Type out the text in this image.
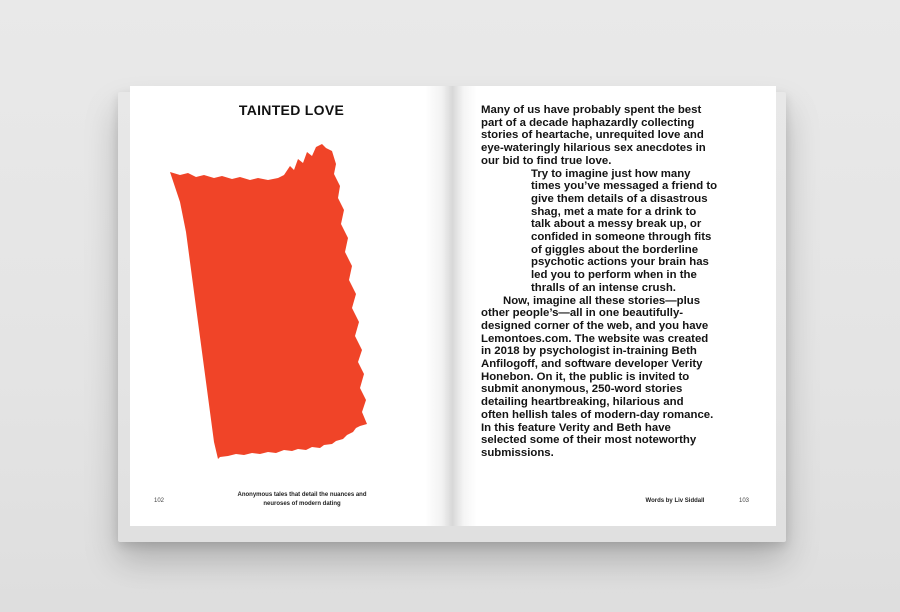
TAINTED LOVE
Anonymous tales that detail the nuances and
neuroses of modern dating
102

Many of us have probably spent the best
part of a decade haphazardly collecting
stories of heartache, unrequited love and
eye-wateringly hilarious sex anecdotes in
our bid to find true love.

Try to imagine just how many
times you’ve messaged a friend to
give them details of a disastrous
shag, met a mate for a drink to
talk about a messy break up, or
confided in someone through fits
of giggles about the borderline
psychotic actions your brain has
led you to perform when in the
thralls of an intense crush.

Now, imagine all these stories—plus
other people’s—all in one beautifully-
designed corner of the web, and you have
Lemontoes.com. The website was created
in 2018 by psychologist in-training Beth
Anfilogoff, and software developer Verity
Honebon. On it, the public is invited to
submit anonymous, 250-word stories
detailing heartbreaking, hilarious and
often hellish tales of modern-day romance.
In this feature Verity and Beth have
selected some of their most noteworthy
submissions.

Words by Liv Siddall	103
